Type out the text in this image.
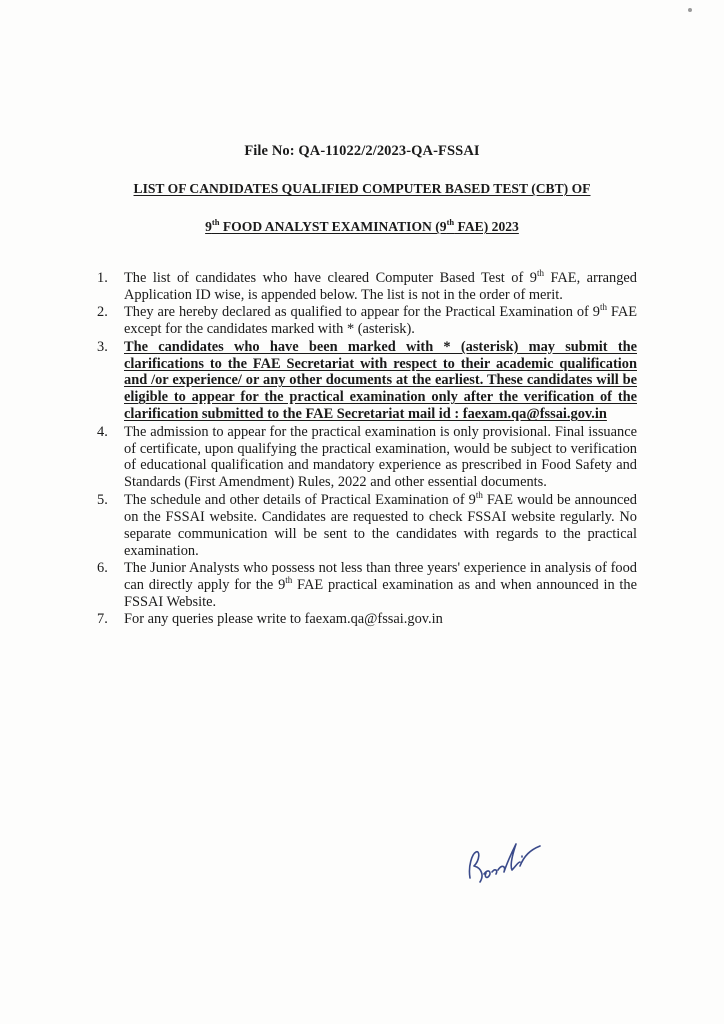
File No: QA-11022/2/2023-QA-FSSAI
LIST OF CANDIDATES QUALIFIED COMPUTER BASED TEST (CBT) OF
9th FOOD ANALYST EXAMINATION (9th FAE) 2023
1.	The list of candidates who have cleared Computer Based Test of 9th FAE, arranged Application ID wise, is appended below. The list is not in the order of merit.
2.	They are hereby declared as qualified to appear for the Practical Examination of 9th FAE except for the candidates marked with * (asterisk).
3.	The candidates who have been marked with * (asterisk) may submit the clarifications to the FAE Secretariat with respect to their academic qualification and /or experience/ or any other documents at the earliest. These candidates will be eligible to appear for the practical examination only after the verification of the clarification submitted to the FAE Secretariat mail id : faexam.qa@fssai.gov.in
4.	The admission to appear for the practical examination is only provisional. Final issuance of certificate, upon qualifying the practical examination, would be subject to verification of educational qualification and mandatory experience as prescribed in Food Safety and Standards (First Amendment) Rules, 2022 and other essential documents.
5.	The schedule and other details of Practical Examination of 9th FAE would be announced on the FSSAI website. Candidates are requested to check FSSAI website regularly. No separate communication will be sent to the candidates with regards to the practical examination.
6.	The Junior Analysts who possess not less than three years' experience in analysis of food can directly apply for the 9th FAE practical examination as and when announced in the FSSAI Website.
7.	For any queries please write to faexam.qa@fssai.gov.in
